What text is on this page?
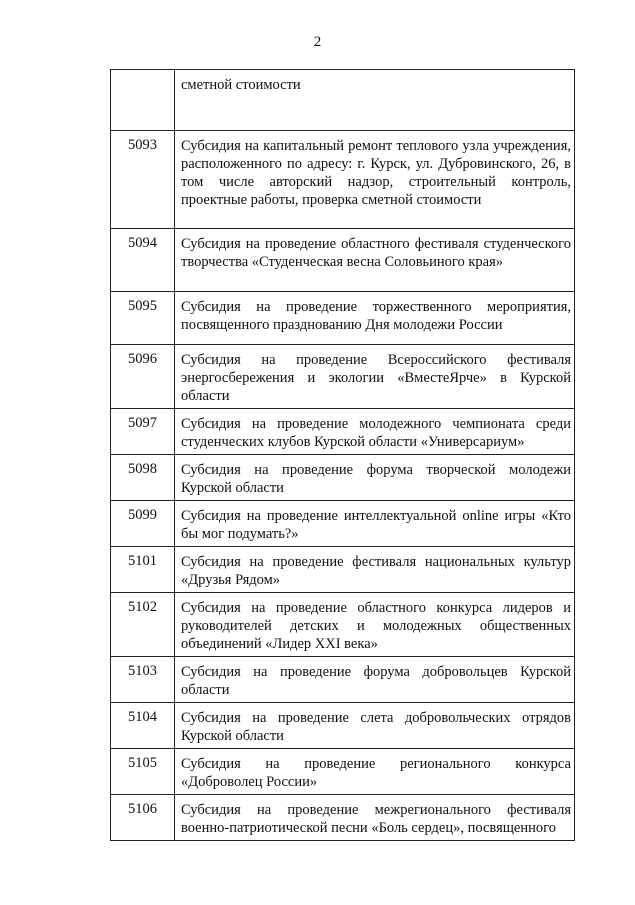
2
	сметной стоимости
5093	Субсидия на капитальный ремонт теплового узла учреждения, расположенного по адресу: г. Курск, ул. Дубровинского, 26, в том числе авторский надзор, строительный контроль, проектные работы, проверка сметной стоимости
5094	Субсидия на проведение областного фестиваля студенческого творчества «Студенческая весна Соловьиного края»
5095	Субсидия на проведение торжественного мероприятия, посвященного празднованию Дня молодежи России
5096	Субсидия на проведение Всероссийского фестиваля энергосбережения и экологии «ВместеЯрче» в Курской области
5097	Субсидия на проведение молодежного чемпионата среди студенческих клубов Курской области «Универсариум»
5098	Субсидия на проведение форума творческой молодежи Курской области
5099	Субсидия на проведение интеллектуальной online игры «Кто бы мог подумать?»
5101	Субсидия на проведение фестиваля национальных культур «Друзья Рядом»
5102	Субсидия на проведение областного конкурса лидеров и руководителей детских и молодежных общественных объединений «Лидер XXI века»
5103	Субсидия на проведение форума добровольцев Курской области
5104	Субсидия на проведение слета добровольческих отрядов Курской области
5105	Субсидия на проведение регионального конкурса «Доброволец России»
5106	Субсидия на проведение межрегионального фестиваля военно-патриотической песни «Боль сердец», посвященного
